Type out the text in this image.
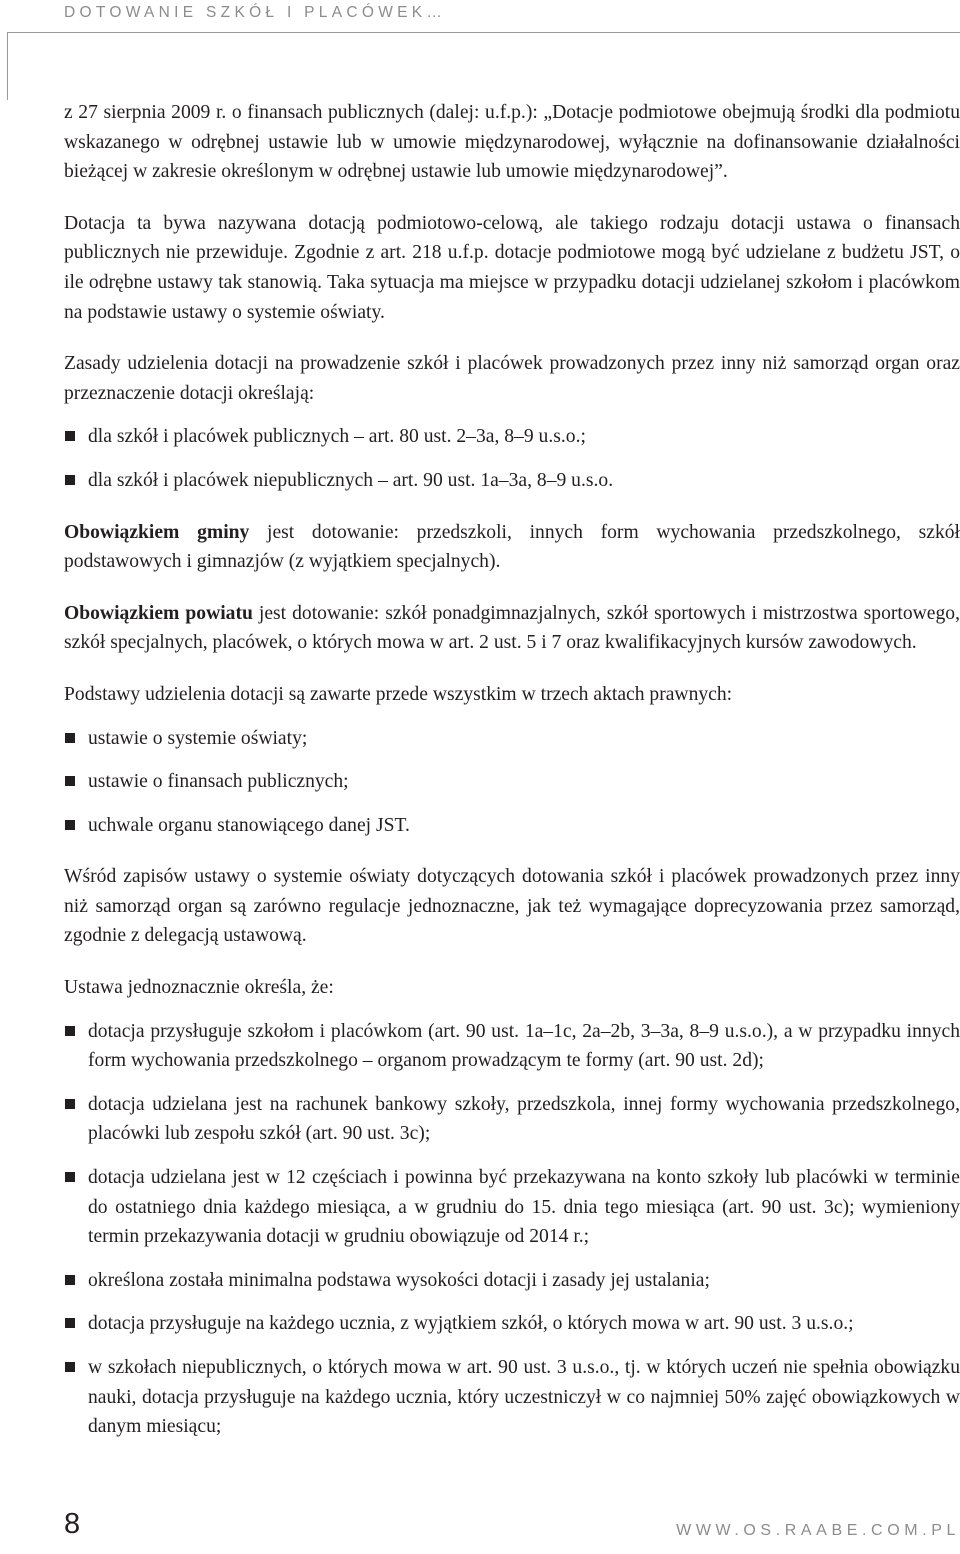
DOTOWANIE SZKÓŁ I PLACÓWEK…

z 27 sierpnia 2009 r. o finansach publicznych (dalej: u.f.p.): „Dotacje podmiotowe obejmują środki dla podmiotu wskazanego w odrębnej ustawie lub w umowie międzynarodowej, wyłącznie na dofinansowanie działalności bieżącej w zakresie określonym w odrębnej ustawie lub umowie międzynarodowej”.

Dotacja ta bywa nazywana dotacją podmiotowo-celową, ale takiego rodzaju dotacji ustawa o finansach publicznych nie przewiduje. Zgodnie z art. 218 u.f.p. dotacje podmiotowe mogą być udzielane z budżetu JST, o ile odrębne ustawy tak stanowią. Taka sytuacja ma miejsce w przypadku dotacji udzielanej szkołom i placówkom na podstawie ustawy o systemie oświaty.

Zasady udzielenia dotacji na prowadzenie szkół i placówek prowadzonych przez inny niż samorząd organ oraz przeznaczenie dotacji określają:

dla szkół i placówek publicznych – art. 80 ust. 2–3a, 8–9 u.s.o.;
dla szkół i placówek niepublicznych – art. 90 ust. 1a–3a, 8–9 u.s.o.

Obowiązkiem gminy jest dotowanie: przedszkoli, innych form wychowania przedszkolnego, szkół podstawowych i gimnazjów (z wyjątkiem specjalnych).

Obowiązkiem powiatu jest dotowanie: szkół ponadgimnazjalnych, szkół sportowych i mistrzostwa sportowego, szkół specjalnych, placówek, o których mowa w art. 2 ust. 5 i 7 oraz kwalifikacyjnych kursów zawodowych.

Podstawy udzielenia dotacji są zawarte przede wszystkim w trzech aktach prawnych:

ustawie o systemie oświaty;
ustawie o finansach publicznych;
uchwale organu stanowiącego danej JST.

Wśród zapisów ustawy o systemie oświaty dotyczących dotowania szkół i placówek prowadzonych przez inny niż samorząd organ są zarówno regulacje jednoznaczne, jak też wymagające doprecyzowania przez samorząd, zgodnie z delegacją ustawową.

Ustawa jednoznacznie określa, że:

dotacja przysługuje szkołom i placówkom (art. 90 ust. 1a–1c, 2a–2b, 3–3a, 8–9 u.s.o.), a w przypadku innych form wychowania przedszkolnego – organom prowadzącym te formy (art. 90 ust. 2d);
dotacja udzielana jest na rachunek bankowy szkoły, przedszkola, innej formy wychowania przedszkolnego, placówki lub zespołu szkół (art. 90 ust. 3c);
dotacja udzielana jest w 12 częściach i powinna być przekazywana na konto szkoły lub placówki w terminie do ostatniego dnia każdego miesiąca, a w grudniu do 15. dnia tego miesiąca (art. 90 ust. 3c); wymieniony termin przekazywania dotacji w grudniu obowiązuje od 2014 r.;
określona została minimalna podstawa wysokości dotacji i zasady jej ustalania;
dotacja przysługuje na każdego ucznia, z wyjątkiem szkół, o których mowa w art. 90 ust. 3 u.s.o.;
w szkołach niepublicznych, o których mowa w art. 90 ust. 3 u.s.o., tj. w których uczeń nie spełnia obowiązku nauki, dotacja przysługuje na każdego ucznia, który uczestniczył w co najmniej 50% zajęć obowiązkowych w danym miesiącu;
8	WWW.OS.RAABE.COM.PL
